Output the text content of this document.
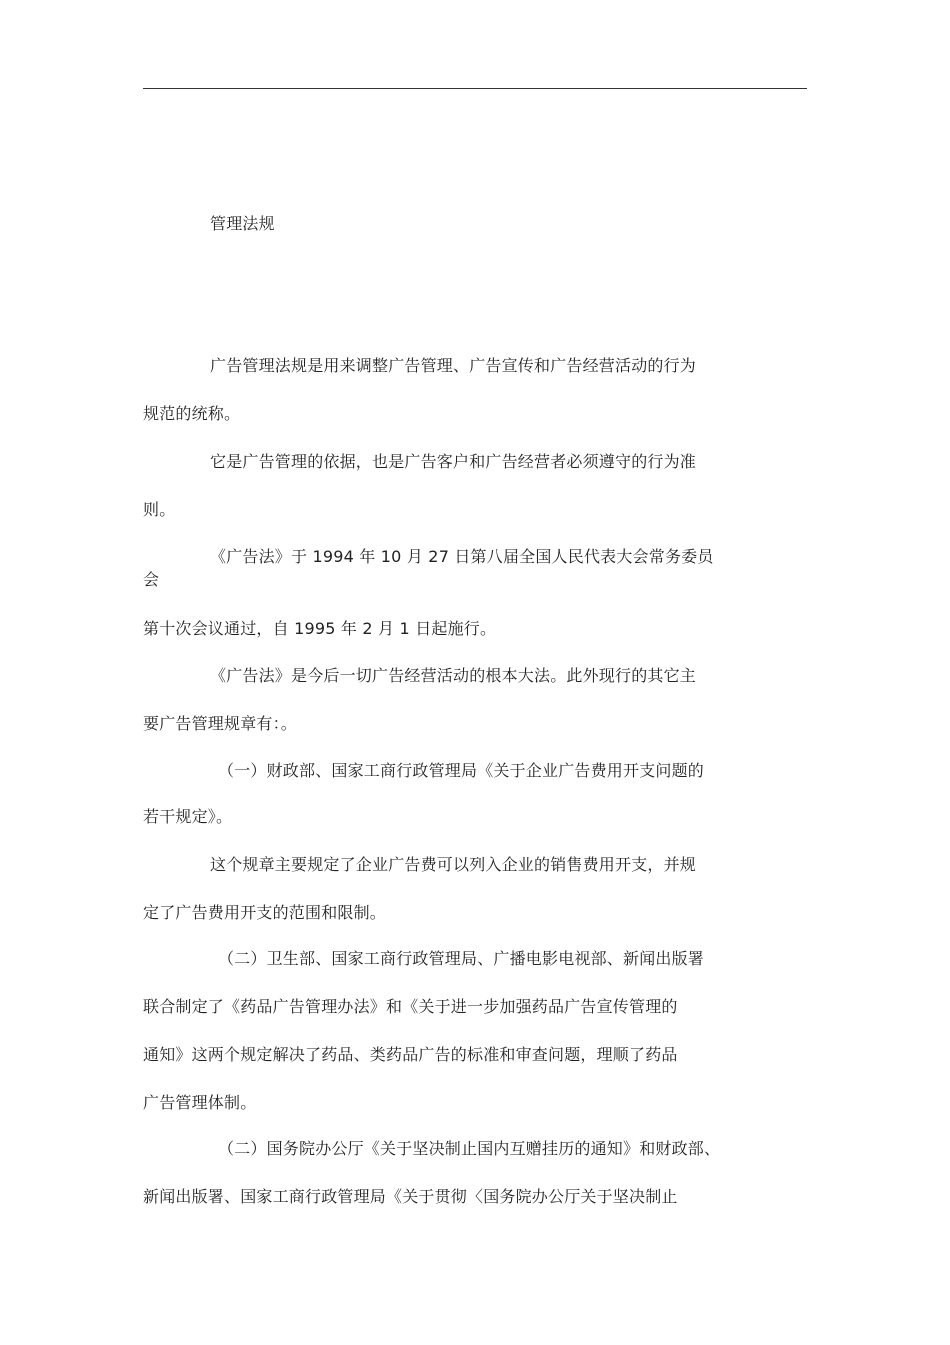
管理法规
广告管理法规是用来调整广告管理、广告宣传和广告经营活动的行为
规范的统称。
它是广告管理的依据，也是广告客户和广告经营者必须遵守的行为准
则。
《广告法》于 1994 年 10 月 27 日第八届全国人民代表大会常务委员
会
第十次会议通过，自 1995 年 2 月 1 日起施行。
《广告法》是今后一切广告经营活动的根本大法。此外现行的其它主
要广告管理规章有：。
（一）财政部、国家工商行政管理局《关于企业广告费用开支问题的
若干规定》。
这个规章主要规定了企业广告费可以列入企业的销售费用开支，并规
定了广告费用开支的范围和限制。
（二）卫生部、国家工商行政管理局、广播电影电视部、新闻出版署
联合制定了《药品广告管理办法》和《关于进一步加强药品广告宣传管理的
通知》这两个规定解决了药品、类药品广告的标准和审查问题，理顺了药品
广告管理体制。
（二）国务院办公厅《关于坚决制止国内互赠挂历的通知》和财政部、
新闻出版署、国家工商行政管理局《关于贯彻〈国务院办公厅关于坚决制止
